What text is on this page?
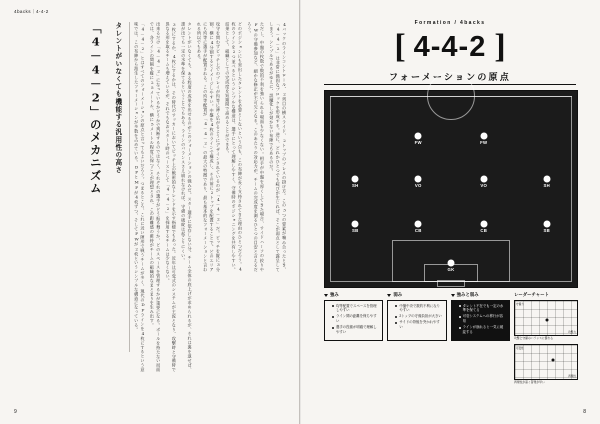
4backs｜4-4-2
9
「4－4－2」のメカニズム タレントがいなくても機能する汎用性の高さ	「4－4－2」とはすべてのフォーメーションの原点と言ってもよいだろう。つまるところ、これに近い陣形で戦うチームが多く、現代のDFラインを4枚にするという意味では、この布陣から派生したフォーメーションが多数を占めている。DFとMFが4枚ずつ、そしてFWが2枚というシンプルな構造になっている。	出来るだけ「4－4－2」になっているかどうかで判断するのではなく、それぞれの選手がどう振る舞うか、どのスペースを管理するかが重要になる。ボールを持たない局面では、各ラインの間隔を縦に25メートル、横に5メートル程度に保つことが理想とされ、この距離感の維持がチームの組織的なまとまりを生み出す。	3枚にするか、4枚にするかは、その時代のサッカーにおいてピッチ上の戦術的なトレンドを示す指標でもあった。近年は可変式のシステムが主流となり、攻撃時と守備時で異なる形を取るチームも増えているが、それでもなおスタート時のベースとして「4－4－2」を採用するチームは少なくない。	タレントがいなくても、ある程度の成果を出せるのがこのフォーメーションの強みだ。スター選手に依存しない分、チーム全体の底上げが求められるが、それは裏を返せば、誰が出ても一定の水準を保てるということでもある。ラインのバランスさえ崩れなければ、守備の破綻は起こりにくい。	攻守を問わずピッチ上でのプレイが均等に薄く広がるようにデザインされているのが「4－4－2」だ。ピッチを縦に3分割、横に4分割するとイメージしやすい。中盤を4枚のラインで構成し、その前に2トップを配置することで、どのエリアにも均等に選手が配置される。この均等配置が「4－4－2」の最大の特徴であり、最も基本的なフォーメーションと言われる所以でもある。	どのポジションにも突出したタレントを必要としないという点も、この布陣が長く支持されてきた理由のひとつだろう。4枚のラインを2つ並べるというシンプルな構造は、選手にとって理解しやすく、守備時のポジショニングを共有しやすい。結果として、組織としての完成度を短期間で高めることができる。	ただし、中盤の枚数で数的不利を強いられる場面も少なくない。相手が中盤を厚くしてきた場合、サイドハーフの絞りやFWの守備参加など、細かな修正が不可欠となる。このあたりの対応力が、チームの完成度を測るひとつの目安と言えるだろう。	4バックのラインコントロール、2列目の横スライド、2トップのプレスの掛け方。この3つの要素が噛み合ったとき、「4－4－2」は非常に強固なブロックを形成する。逆に、どれかひとつでも綻びが生じれば、そこが弱点として露呈してしまう。シンプルであるがゆえに、誤魔化しが効かない布陣でもあるのだ。
8
Formation / 4backs
[ 4-4-2 ]
フォーメーションの原点
GK
SB	CB	CB	SB
SH	VO	VO	SH
FW	FW
強み
均等配置でスペースを管理しやすい
ライン間の距離を保ちやすい
選手の役割が明確で理解しやすい
弱み
中盤中央で数的不利になりやすい
2トップの守備負担が大きい
サイドの背後を突かれやすい
強みと弱み
タレント不在でも一定の水準を保てる
可変システムへの移行が容易
ラインが崩れると一気に破綻する
レーダーチャート
守備力
攻撃力
攻撃と守備のバランスに優れる
可変性
再現性
再現性が高く習得が早い
